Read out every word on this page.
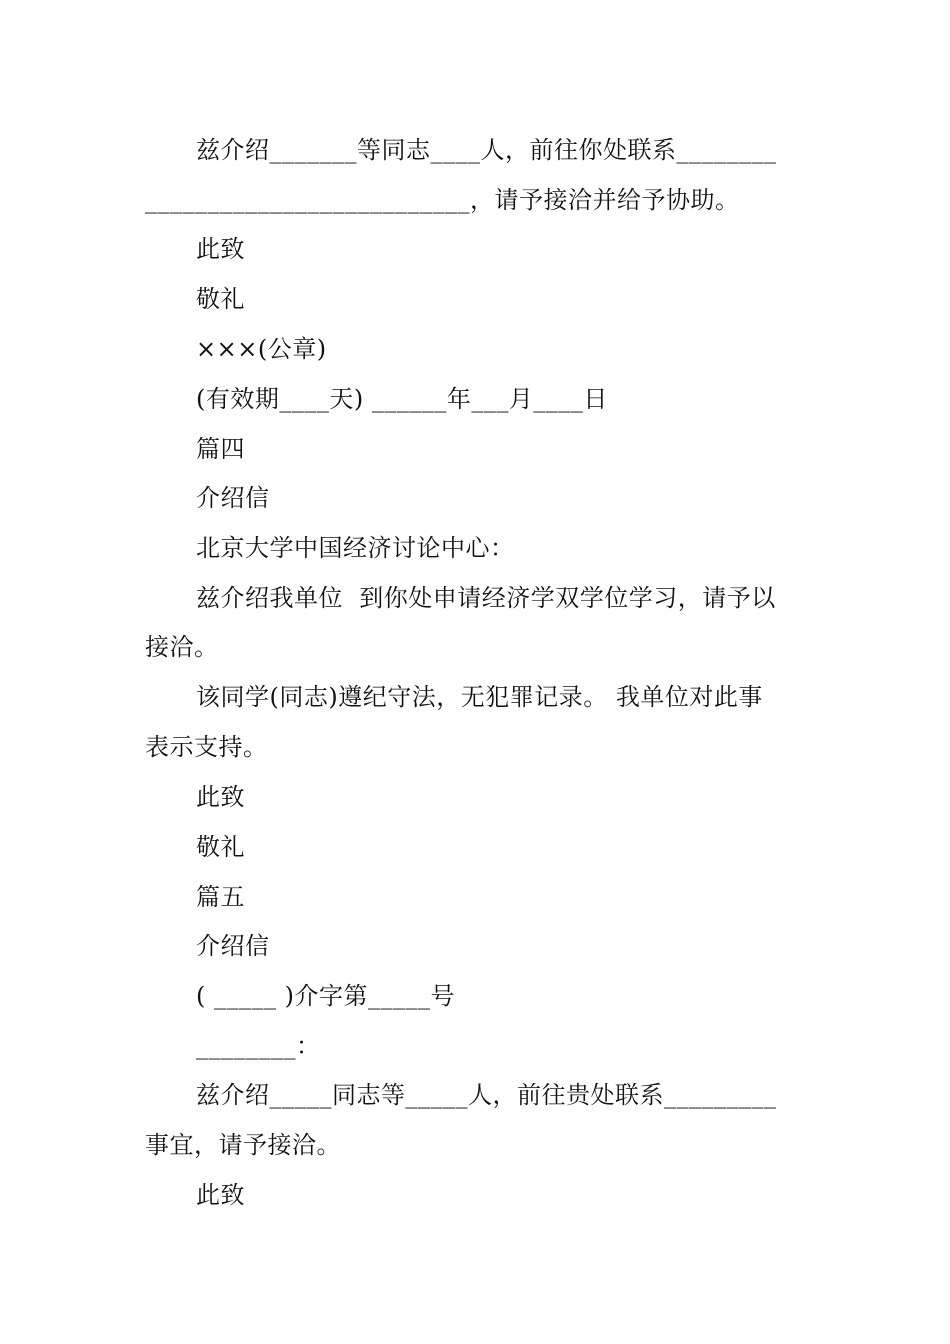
兹介绍_______等同志____人，前往你处联系________
__________________________，请予接洽并给予协助。
此致
敬礼
×××(公章)
(有效期____天) ______年___月____日
篇四
介绍信
北京大学中国经济讨论中心：
兹介绍我单位  到你处申请经济学双学位学习，请予以
接洽。
该同学(同志)遵纪守法，无犯罪记录。 我单位对此事
表示支持。
此致
敬礼
篇五
介绍信
( _____ )介字第_____号
________：
兹介绍_____同志等_____人，前往贵处联系_________
事宜，请予接洽。
此致
